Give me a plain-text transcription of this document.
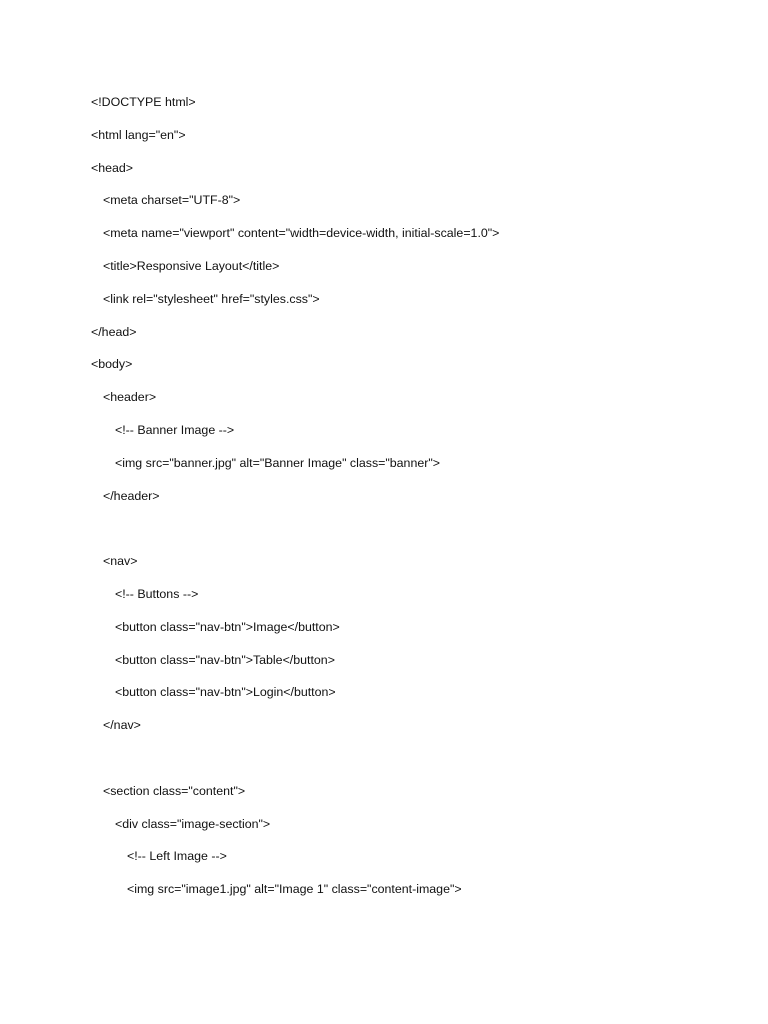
<!DOCTYPE html>
<html lang="en">
<head>
<meta charset="UTF-8">
<meta name="viewport" content="width=device-width, initial-scale=1.0">
<title>Responsive Layout</title>
<link rel="stylesheet" href="styles.css">
</head>
<body>
<header>
<!-- Banner Image -->
<img src="banner.jpg" alt="Banner Image" class="banner">
</header>
<nav>
<!-- Buttons -->
<button class="nav-btn">Image</button>
<button class="nav-btn">Table</button>
<button class="nav-btn">Login</button>
</nav>
<section class="content">
<div class="image-section">
<!-- Left Image -->
<img src="image1.jpg" alt="Image 1" class="content-image">
